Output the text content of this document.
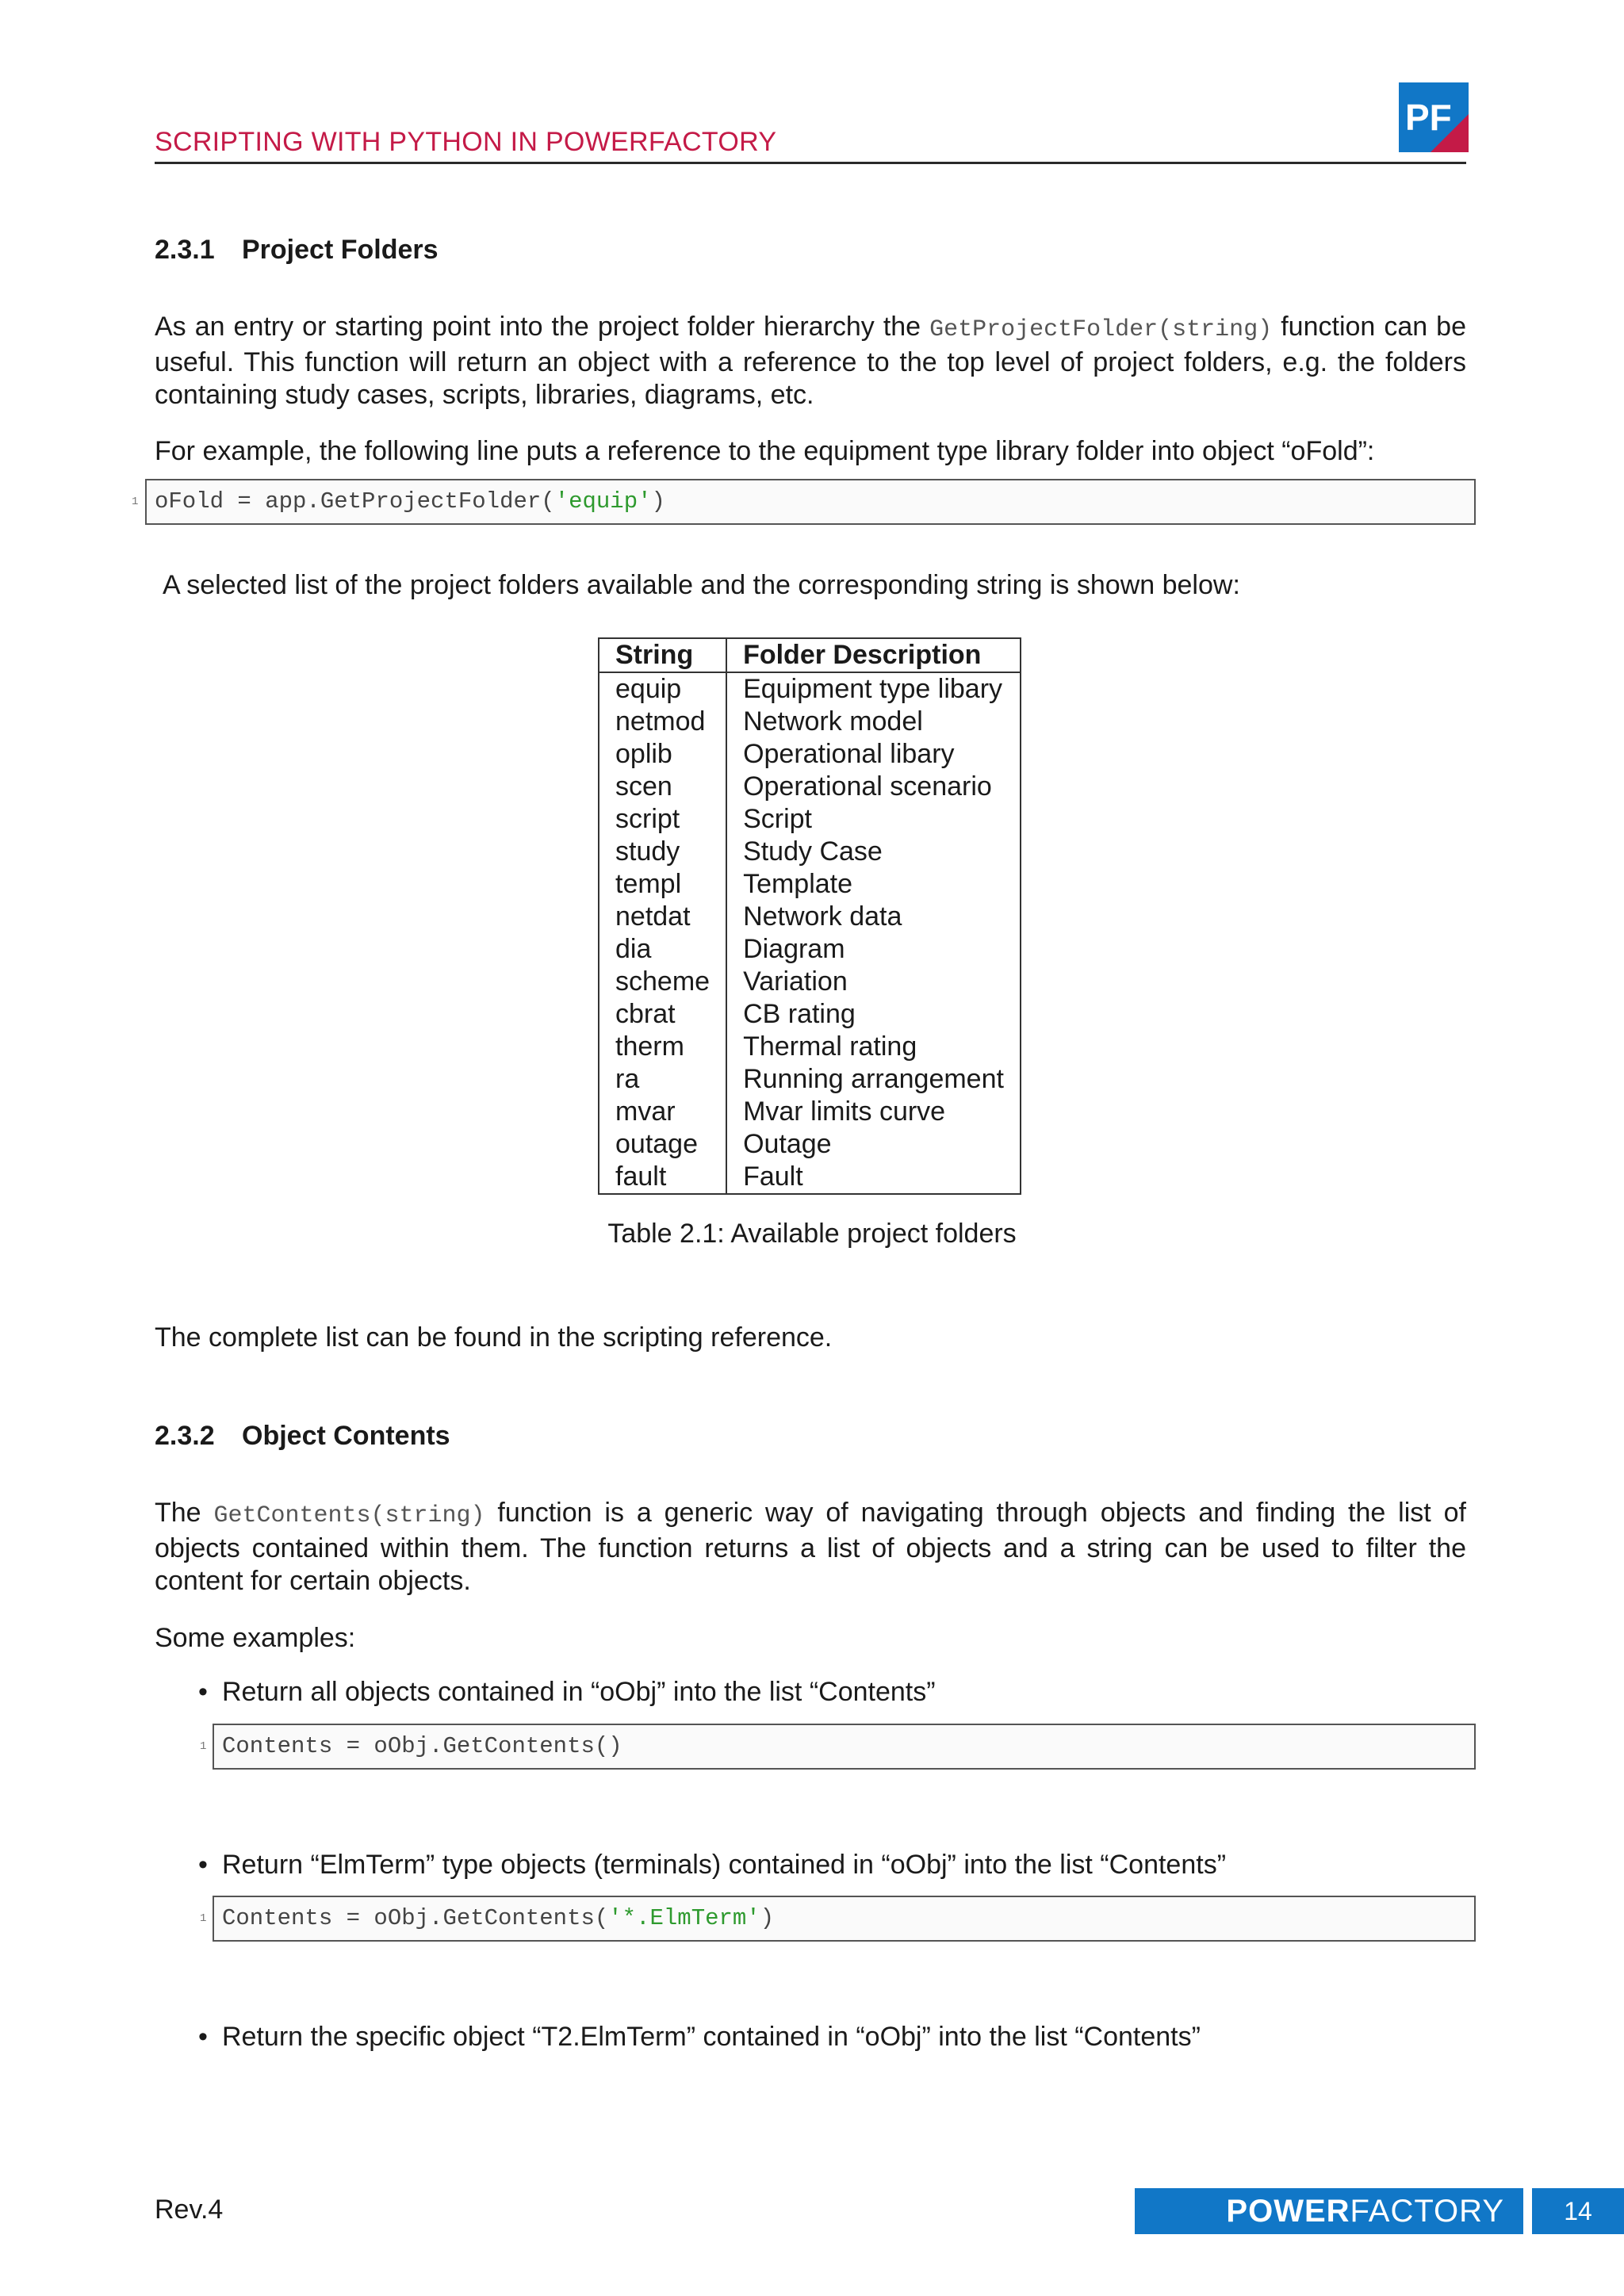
SCRIPTING WITH PYTHON IN POWERFACTORY
PF
2.3.1 Project Folders
As an entry or starting point into the project folder hierarchy the GetProjectFolder(string) function can be useful. This function will return an object with a reference to the top level of project folders, e.g. the folders containing study cases, scripts, libraries, diagrams, etc.
For example, the following line puts a reference to the equipment type library folder into object “oFold”:
1 oFold = app.GetProjectFolder('equip')
A selected list of the project folders available and the corresponding string is shown below:
String	Folder Description
equip	Equipment type libary
netmod	Network model
oplib	Operational libary
scen	Operational scenario
script	Script
study	Study Case
templ	Template
netdat	Network data
dia	Diagram
scheme	Variation
cbrat	CB rating
therm	Thermal rating
ra	Running arrangement
mvar	Mvar limits curve
outage	Outage
fault	Fault
Table 2.1: Available project folders
The complete list can be found in the scripting reference.
2.3.2 Object Contents
The GetContents(string) function is a generic way of navigating through objects and finding the list of objects contained within them. The function returns a list of objects and a string can be used to filter the content for certain objects.
Some examples:
• Return all objects contained in “oObj” into the list “Contents”
1 Contents = oObj.GetContents()
• Return “ElmTerm” type objects (terminals) contained in “oObj” into the list “Contents”
1 Contents = oObj.GetContents('*.ElmTerm')
• Return the specific object “T2.ElmTerm” contained in “oObj” into the list “Contents”
Rev.4	POWERFACTORY	14
